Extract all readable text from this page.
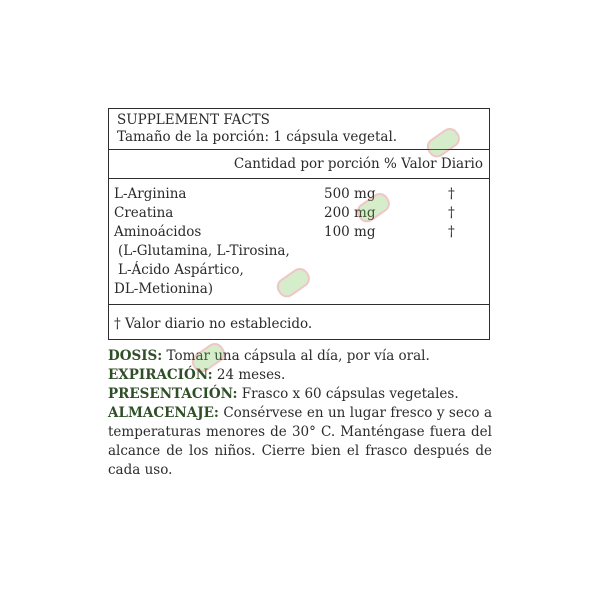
SUPPLEMENT FACTS
Tamaño de la porción: 1 cápsula vegetal.
Cantidad por porción % Valor Diario
L-Arginina	500 mg	†
Creatina	200 mg	†
Aminoácidos	100 mg	†
(L-Glutamina, L-Tirosina,
L-Ácido Aspártico,
DL-Metionina)
† Valor diario no establecido.

DOSIS: Tomar una cápsula al día, por vía oral.

EXPIRACIÓN: 24 meses.

PRESENTACIÓN: Frasco x 60 cápsulas vegetales.

ALMACENAJE: Consérvese en un lugar fresco y seco a temperaturas menores de 30° C. Manténgase fuera del alcance de los niños. Cierre bien el frasco después de cada uso.
